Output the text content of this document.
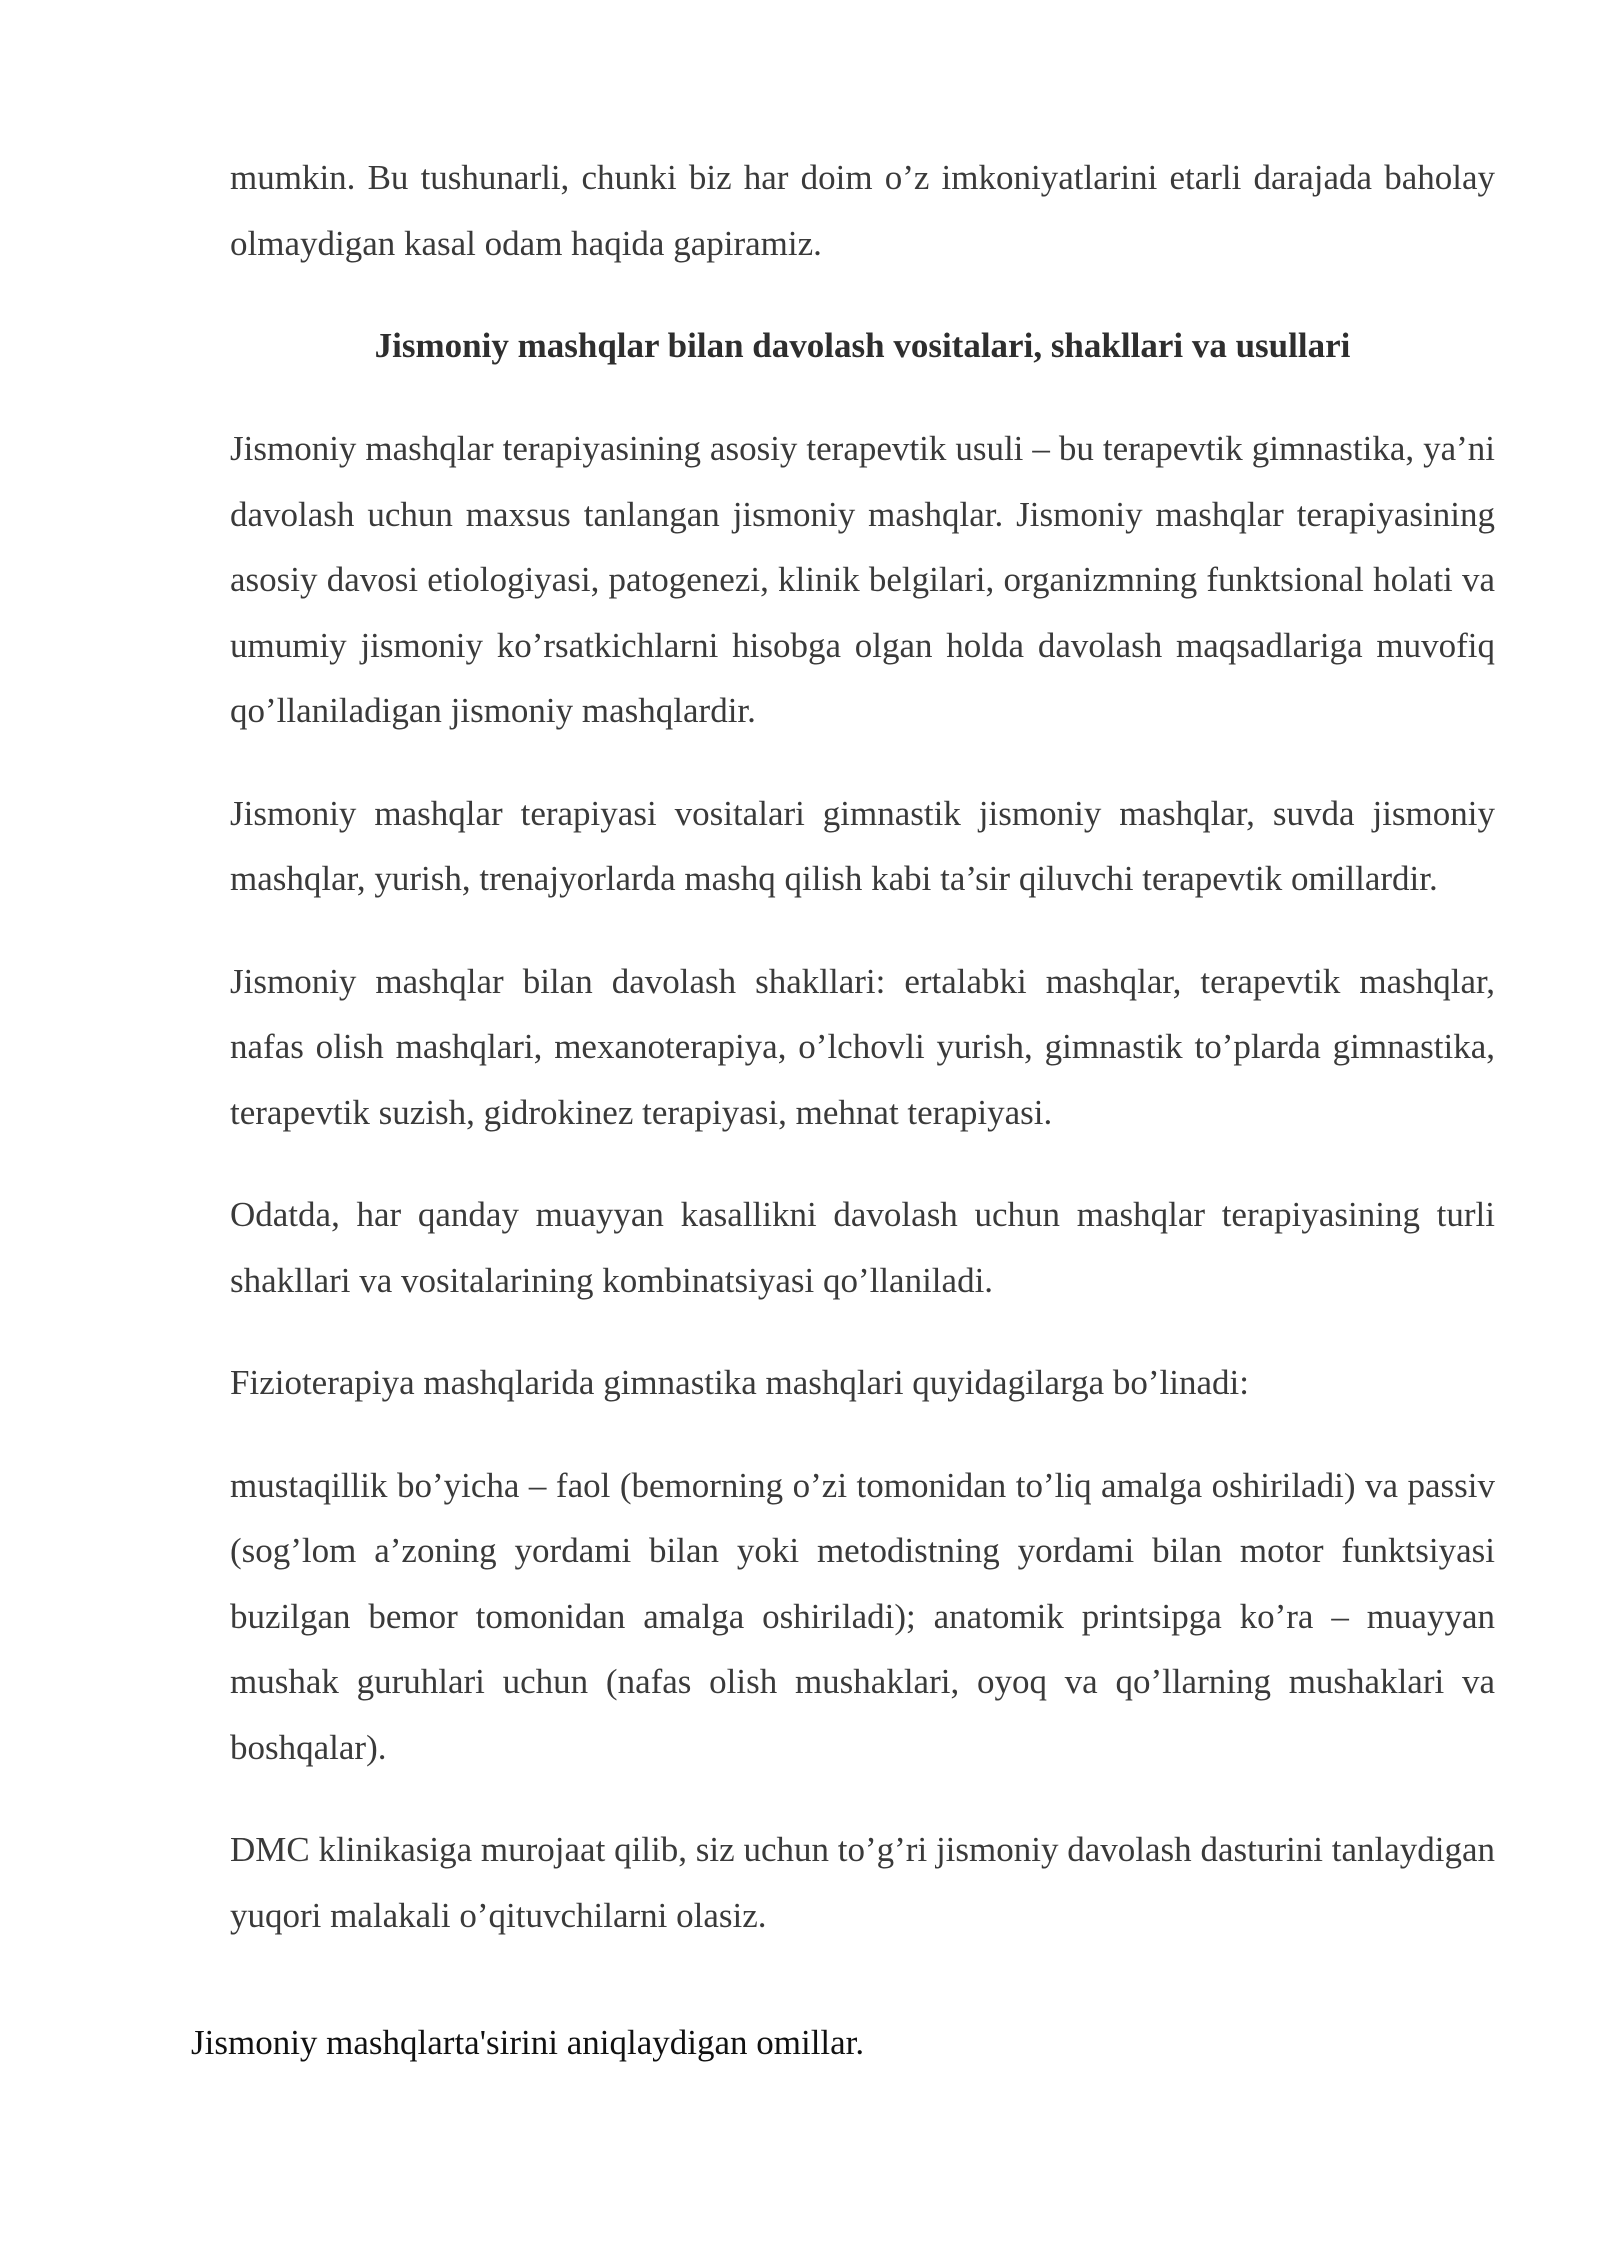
mumkin. Bu tushunarli, chunki biz har doim o’z imkoniyatlarini etarli darajada baholay olmaydigan kasal odam haqida gapiramiz.

Jismoniy mashqlar bilan davolash vositalari, shakllari va usullari

Jismoniy mashqlar terapiyasining asosiy terapevtik usuli – bu terapevtik gimnastika, ya’ni davolash uchun maxsus tanlangan jismoniy mashqlar. Jismoniy mashqlar terapiyasining asosiy davosi etiologiyasi, patogenezi, klinik belgilari, organizmning funktsional holati va umumiy jismoniy ko’rsatkichlarni hisobga olgan holda davolash maqsadlariga muvofiq qo’llaniladigan jismoniy mashqlardir.

Jismoniy mashqlar terapiyasi vositalari gimnastik jismoniy mashqlar, suvda jismoniy mashqlar, yurish, trenajyorlarda mashq qilish kabi ta’sir qiluvchi terapevtik omillardir.

Jismoniy mashqlar bilan davolash shakllari: ertalabki mashqlar, terapevtik mashqlar, nafas olish mashqlari, mexanoterapiya, o’lchovli yurish, gimnastik to’plarda gimnastika, terapevtik suzish, gidrokinez terapiyasi, mehnat terapiyasi.

Odatda, har qanday muayyan kasallikni davolash uchun mashqlar terapiyasining turli shakllari va vositalarining kombinatsiyasi qo’llaniladi.

Fizioterapiya mashqlarida gimnastika mashqlari quyidagilarga bo’linadi:

mustaqillik bo’yicha – faol (bemorning o’zi tomonidan to’liq amalga oshiriladi) va passiv (sog’lom a’zoning yordami bilan yoki metodistning yordami bilan motor funktsiyasi buzilgan bemor tomonidan amalga oshiriladi); anatomik printsipga ko’ra – muayyan mushak guruhlari uchun (nafas olish mushaklari, oyoq va qo’llarning mushaklari va boshqalar).

DMC klinikasiga murojaat qilib, siz uchun to’g’ri jismoniy davolash dasturini tanlaydigan yuqori malakali o’qituvchilarni olasiz.

Jismoniy mashqlarta'sirini aniqlaydigan omillar.
